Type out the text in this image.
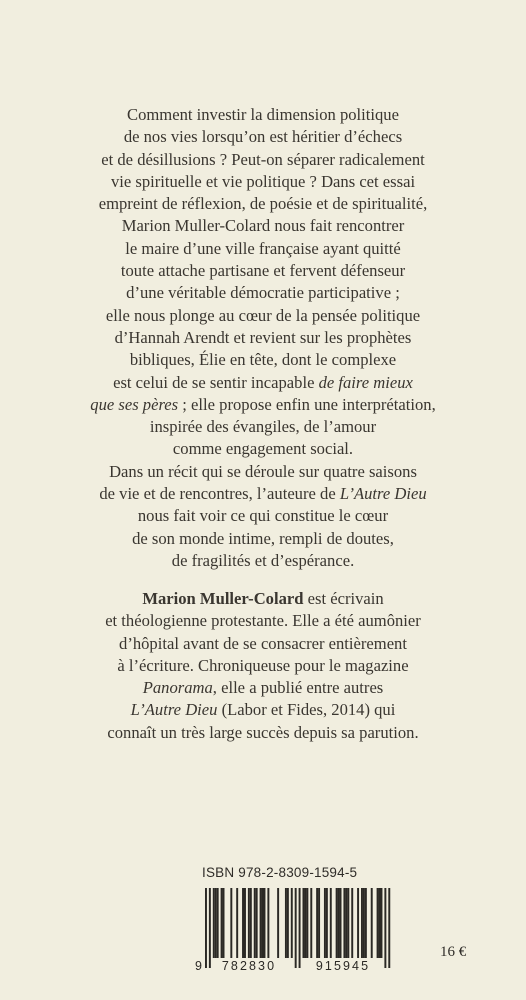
Comment investir la dimension politique
de nos vies lorsqu’on est héritier d’échecs
et de désillusions ? Peut-on séparer radicalement
vie spirituelle et vie politique ? Dans cet essai
empreint de réflexion, de poésie et de spiritualité,
Marion Muller-Colard nous fait rencontrer
le maire d’une ville française ayant quitté
toute attache partisane et fervent défenseur
d’une véritable démocratie participative ;
elle nous plonge au cœur de la pensée politique
d’Hannah Arendt et revient sur les prophètes
bibliques, Élie en tête, dont le complexe
est celui de se sentir incapable de faire mieux
que ses pères ; elle propose enfin une interprétation,
inspirée des évangiles, de l’amour
comme engagement social.
Dans un récit qui se déroule sur quatre saisons
de vie et de rencontres, l’auteure de L’Autre Dieu
nous fait voir ce qui constitue le cœur
de son monde intime, rempli de doutes,
de fragilités et d’espérance.
Marion Muller-Colard est écrivain
et théologienne protestante. Elle a été aumônier
d’hôpital avant de se consacrer entièrement
à l’écriture. Chroniqueuse pour le magazine
Panorama, elle a publié entre autres
L’Autre Dieu (Labor et Fides, 2014) qui
connaît un très large succès depuis sa parution.
ISBN 978-2-8309-1594-5
9 782830	915945
16 €
